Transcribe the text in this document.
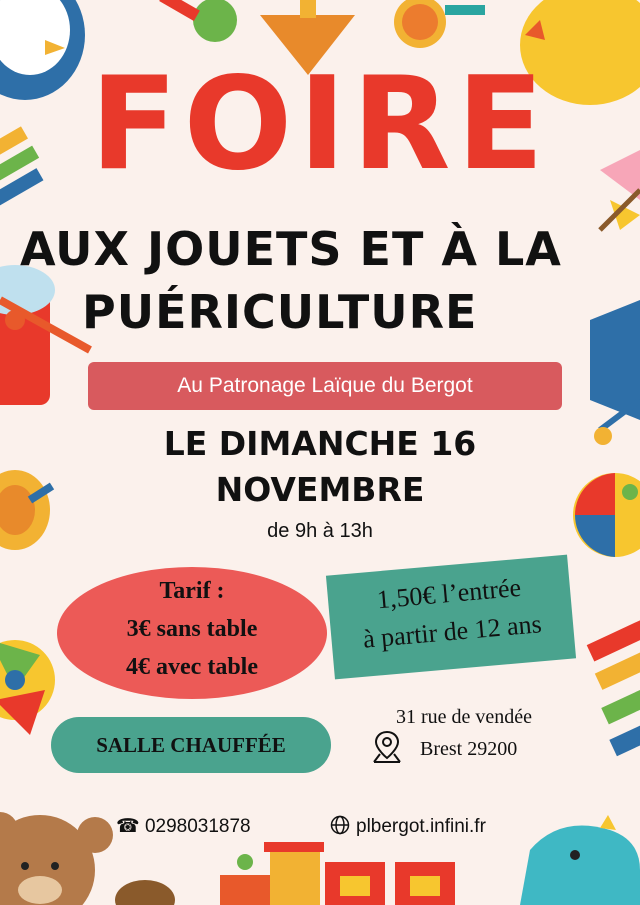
FOIRE
AUX JOUETS ET À LA
PUÉRICULTURE
Au Patronage Laïque du Bergot
LE DIMANCHE 16
NOVEMBRE
de 9h à 13h
Tarif :
3€ sans table
4€ avec table
1,50€ l’entrée
à partir de 12 ans
SALLE CHAUFFÉE
31 rue de vendée
Brest 29200
☎ 0298031878	plbergot.infini.fr
